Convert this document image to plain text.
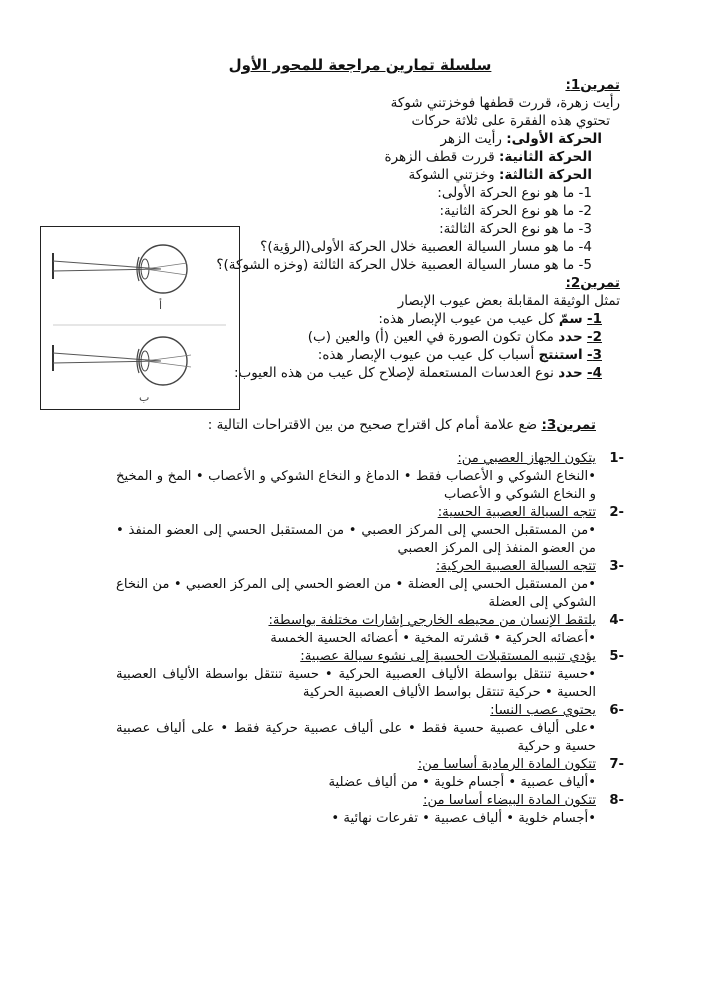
سلسلة تمارين مراجعة للمحور الأول
تمرين1:
رأيت زهرة، قررت قطفها فوخزتني شوكة
تحتوي هذه الفقرة على ثلاثة حركات
الحركة الأولى: رأيت الزهر
الحركة الثانية: قررت قطف الزهرة
الحركة الثالثة: وخزتني الشوكة
1- ما هو نوع الحركة الأولى:
2- ما هو نوع الحركة الثانية:
3- ما هو نوع الحركة الثالثة:
4- ما هو مسار السيالة العصبية خلال الحركة الأولى(الرؤية)؟
5- ما هو مسار السيالة العصبية خلال الحركة الثالثة (وخزه الشوكة)؟
تمرين2:
تمثل الوثيقة المقابلة بعض عيوب الإبصار
1- سمّ كل عيب من عيوب الإبصار هذه:
2- حدد مكان تكون الصورة في العين (أ) والعين (ب)
3- استنتج أسباب كل عيب من عيوب الإبصار هذه:
4- حدد نوع العدسات المستعملة لإصلاح كل عيب من هذه العيوب:
أ
ب
تمرين3: ضع علامة أمام كل اقتراح صحيح من بين الاقتراحات التالية :
1-
يتكون الجهاز العصبي من:
•النخاع الشوكي و الأعصاب فقط • الدماغ و النخاع الشوكي و الأعصاب • المخ و المخيخ و النخاع الشوكي و الأعصاب
2-
تتجه السيالة العصبية الحسية:
•من المستقبل الحسي إلى المركز العصبي • من المستقبل الحسي إلى العضو المنفذ • من العضو المنفذ إلى المركز العصبي
3-
تتجه السيالة العصبية الحركية:
•من المستقبل الحسي إلى العضلة • من العضو الحسي إلى المركز العصبي • من النخاع الشوكي إلى العضلة
4-
يلتقط الإنسان من محيطه الخارجي إشارات مختلفة بواسطة:
•أعضائه الحركية • قشرته المخية • أعضائه الحسية الخمسة
5-
يؤدي تنبيه المستقبلات الحسية إلى نشوء سيالة عصبية:
•حسية تنتقل بواسطة الألياف العصبية الحركية • حسية تنتقل بواسطة الألياف العصبية الحسية • حركية تنتقل بواسط الألياف العصبية الحركية
6-
يحتوي عصب النسا:
•على ألياف عصبية حسية فقط • على ألياف عصبية حركية فقط • على ألياف عصبية حسية و حركية
7-
تتكون المادة الرمادية أساسا من:
•ألياف عصبية • أجسام خلوية • من ألياف عضلية
8-
تتكون المادة البيضاء أساسا من:
•أجسام خلوية • ألياف عصبية • تفرعات نهائية •
